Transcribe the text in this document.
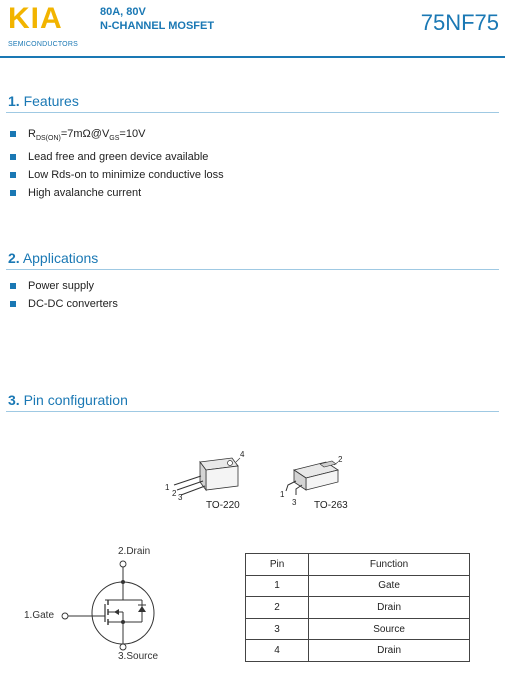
KIA
SEMICONDUCTORS
80A, 80V
N-CHANNEL MOSFET	75NF75
1. Features
$R_{DS(ON)}=7m\Omega@V_{GS}=10V$
Lead free and green device available
Low Rds-on to minimize conductive loss
High avalanche current
2. Applications
Power supply
DC-DC converters
3. Pin configuration
1
2 3
4
TO-220
1
2
3 TO-263
2.Drain
1.Gate
3.Source
Pin	Function
1	Gate
2	Drain
3	Source
4	Drain
